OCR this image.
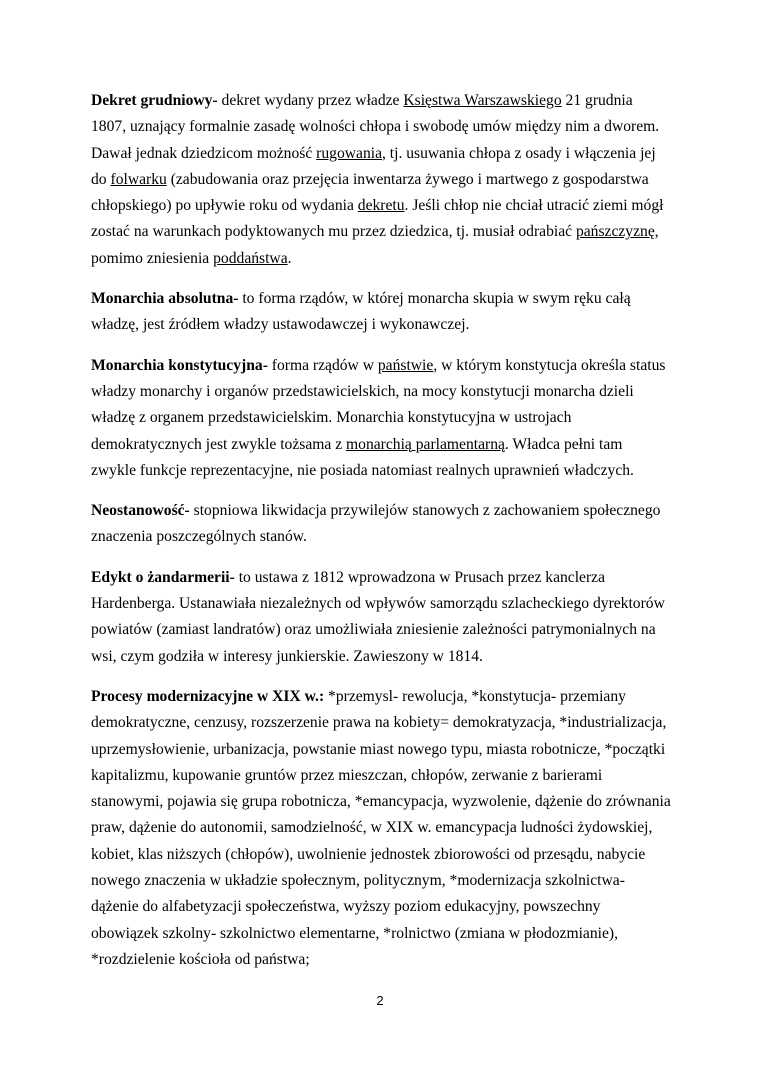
Dekret grudniowy- dekret wydany przez władze Księstwa Warszawskiego 21 grudnia 1807, uznający formalnie zasadę wolności chłopa i swobodę umów między nim a dworem. Dawał jednak dziedzicom możność rugowania, tj. usuwania chłopa z osady i włączenia jej do folwarku (zabudowania oraz przejęcia inwentarza żywego i martwego z gospodarstwa chłopskiego) po upływie roku od wydania dekretu. Jeśli chłop nie chciał utracić ziemi mógł zostać na warunkach podyktowanych mu przez dziedzica, tj. musiał odrabiać pańszczyznę, pomimo zniesienia poddaństwa.

Monarchia absolutna- to forma rządów, w której monarcha skupia w swym ręku całą władzę, jest źródłem władzy ustawodawczej i wykonawczej.

Monarchia konstytucyjna- forma rządów w państwie, w którym konstytucja określa status władzy monarchy i organów przedstawicielskich, na mocy konstytucji monarcha dzieli władzę z organem przedstawicielskim. Monarchia konstytucyjna w ustrojach demokratycznych jest zwykle tożsama z monarchią parlamentarną. Władca pełni tam zwykle funkcje reprezentacyjne, nie posiada natomiast realnych uprawnień władczych.

Neostanowość- stopniowa likwidacja przywilejów stanowych z zachowaniem społecznego znaczenia poszczególnych stanów.

Edykt o żandarmerii- to ustawa z 1812 wprowadzona w Prusach przez kanclerza Hardenberga. Ustanawiała niezależnych od wpływów samorządu szlacheckiego dyrektorów powiatów (zamiast landratów) oraz umożliwiała zniesienie zależności patrymonialnych na wsi, czym godziła w interesy junkierskie. Zawieszony w 1814.

Procesy modernizacyjne w XIX w.: *przemysl- rewolucja, *konstytucja- przemiany demokratyczne, cenzusy, rozszerzenie prawa na kobiety= demokratyzacja, *industrializacja, uprzemysłowienie, urbanizacja, powstanie miast nowego typu, miasta robotnicze, *początki kapitalizmu, kupowanie gruntów przez mieszczan, chłopów, zerwanie z barierami stanowymi, pojawia się grupa robotnicza, *emancypacja, wyzwolenie, dążenie do zrównania praw, dążenie do autonomii, samodzielność, w XIX w. emancypacja ludności żydowskiej, kobiet, klas niższych (chłopów), uwolnienie jednostek zbiorowości od przesądu, nabycie nowego znaczenia w układzie społecznym, politycznym, *modernizacja szkolnictwa- dążenie do alfabetyzacji społeczeństwa, wyższy poziom edukacyjny, powszechny obowiązek szkolny- szkolnictwo elementarne, *rolnictwo (zmiana w płodozmianie), *rozdzielenie kościoła od państwa;

2
